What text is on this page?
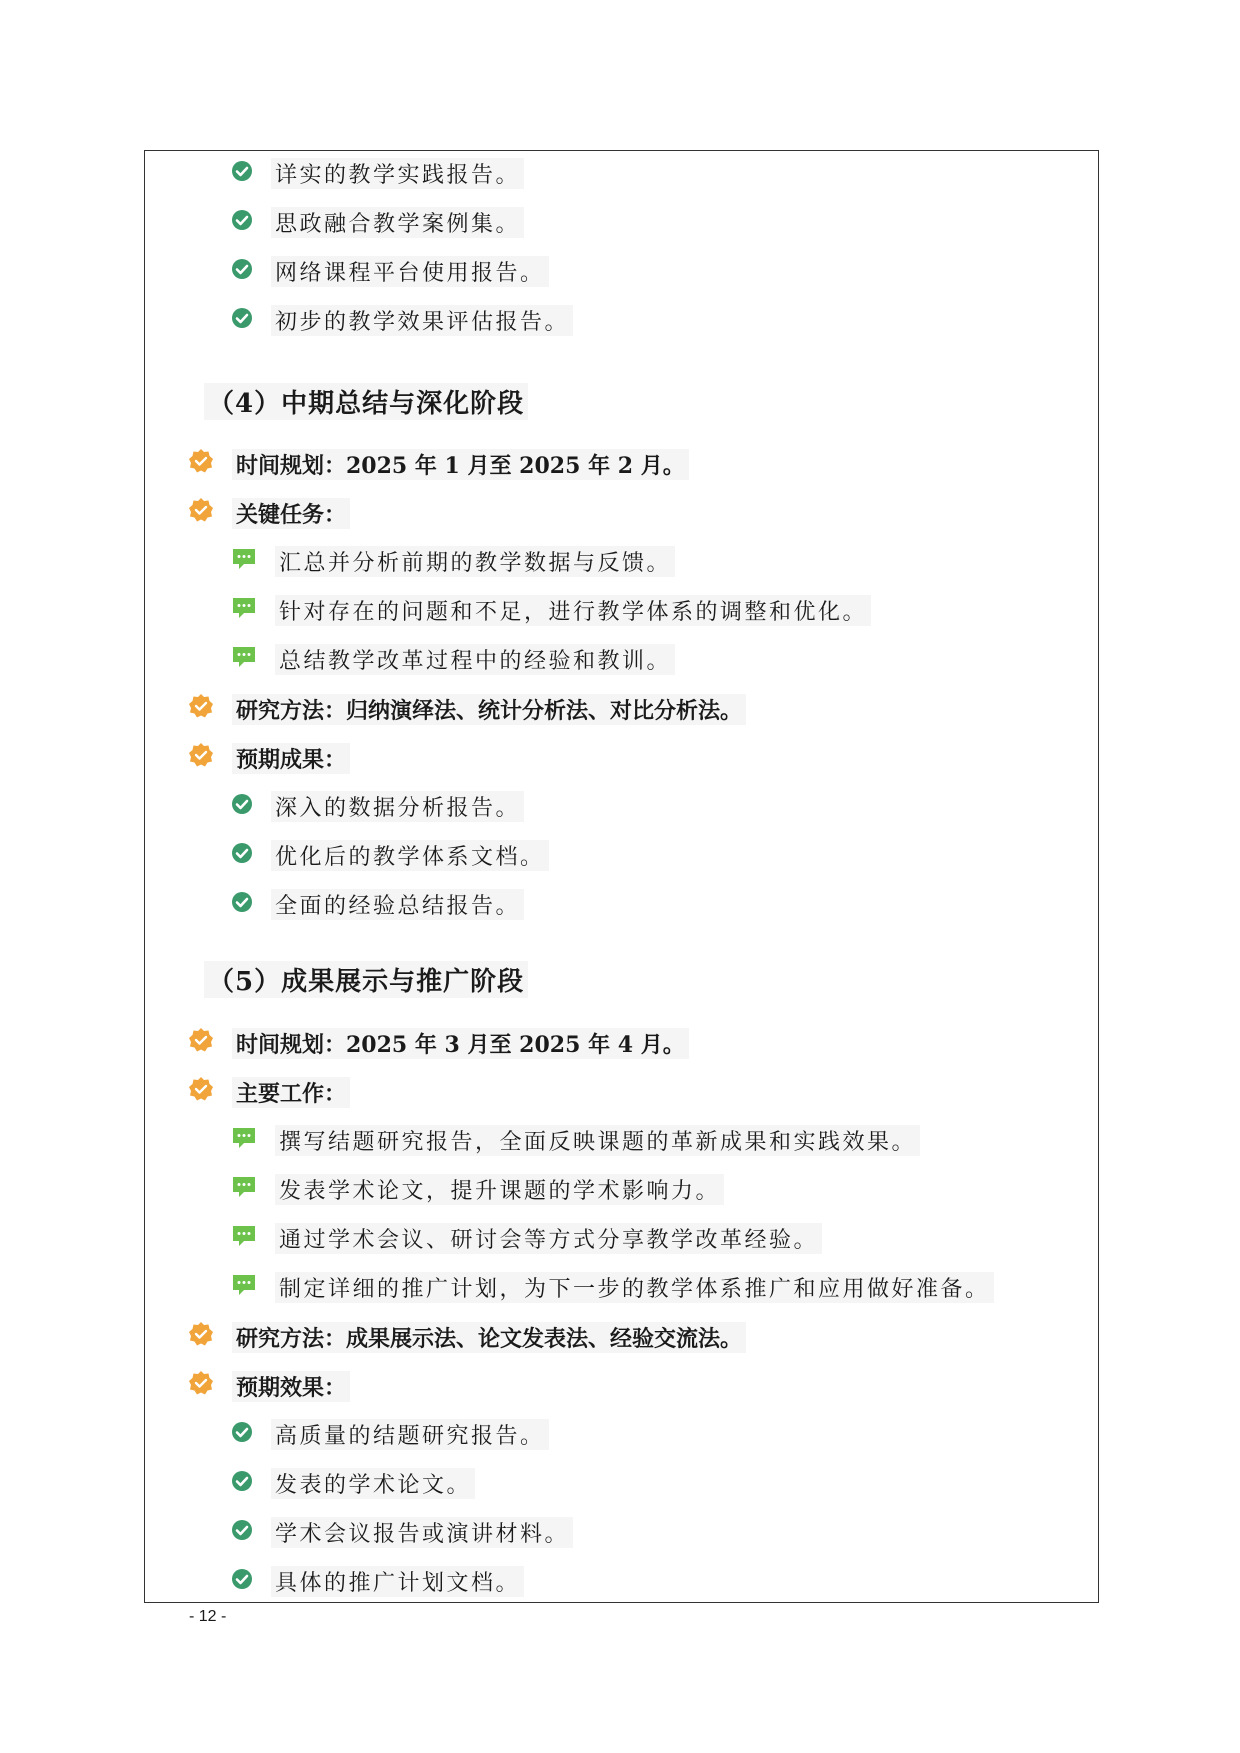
详实的教学实践报告。
思政融合教学案例集。
网络课程平台使用报告。
初步的教学效果评估报告。
（4）中期总结与深化阶段
时间规划：2025 年 1 月至 2025 年 2 月。
关键任务：
汇总并分析前期的教学数据与反馈。
针对存在的问题和不足，进行教学体系的调整和优化。
总结教学改革过程中的经验和教训。
研究方法：归纳演绎法、统计分析法、对比分析法。
预期成果：
深入的数据分析报告。
优化后的教学体系文档。
全面的经验总结报告。
（5）成果展示与推广阶段
时间规划：2025 年 3 月至 2025 年 4 月。
主要工作：
撰写结题研究报告，全面反映课题的革新成果和实践效果。
发表学术论文，提升课题的学术影响力。
通过学术会议、研讨会等方式分享教学改革经验。
制定详细的推广计划，为下一步的教学体系推广和应用做好准备。
研究方法：成果展示法、论文发表法、经验交流法。
预期效果：
高质量的结题研究报告。
发表的学术论文。
学术会议报告或演讲材料。
具体的推广计划文档。
- 12 -
